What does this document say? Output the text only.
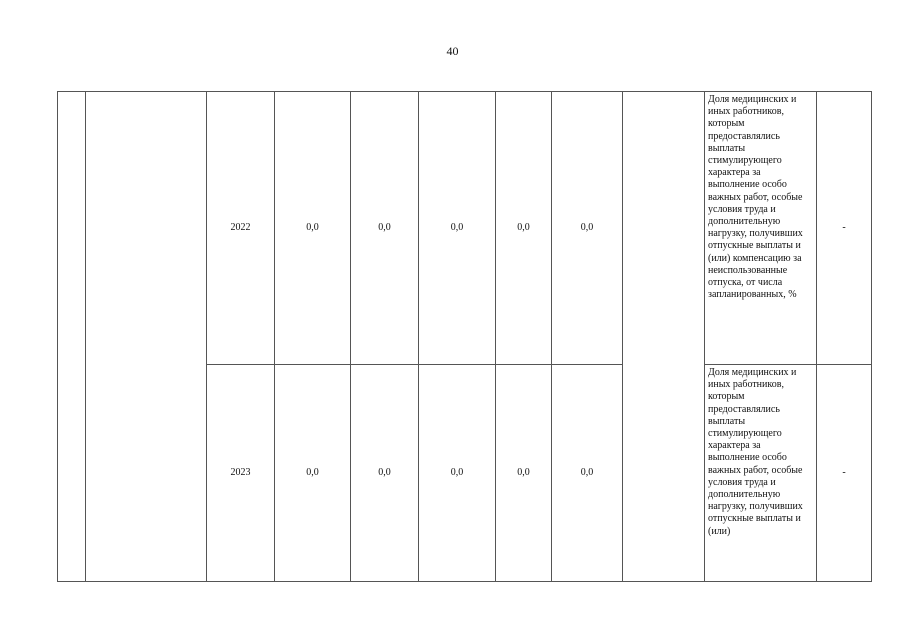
40
		2022	0,0	0,0	0,0	0,0	0,0		Доля медицинских и иных работников, которым предоставлялись выплаты стимулирующего характера за выполнение особо важных работ, особые условия труда и дополнительную нагрузку, получивших отпускные выплаты и (или) компенсацию за неиспользованные отпуска, от числа запланированных, %	-
		2023	0,0	0,0	0,0	0,0	0,0		Доля медицинских и иных работников, которым предоставлялись выплаты стимулирующего характера за выполнение особо важных работ, особые условия труда и дополнительную нагрузку, получивших отпускные выплаты и (или)	-
